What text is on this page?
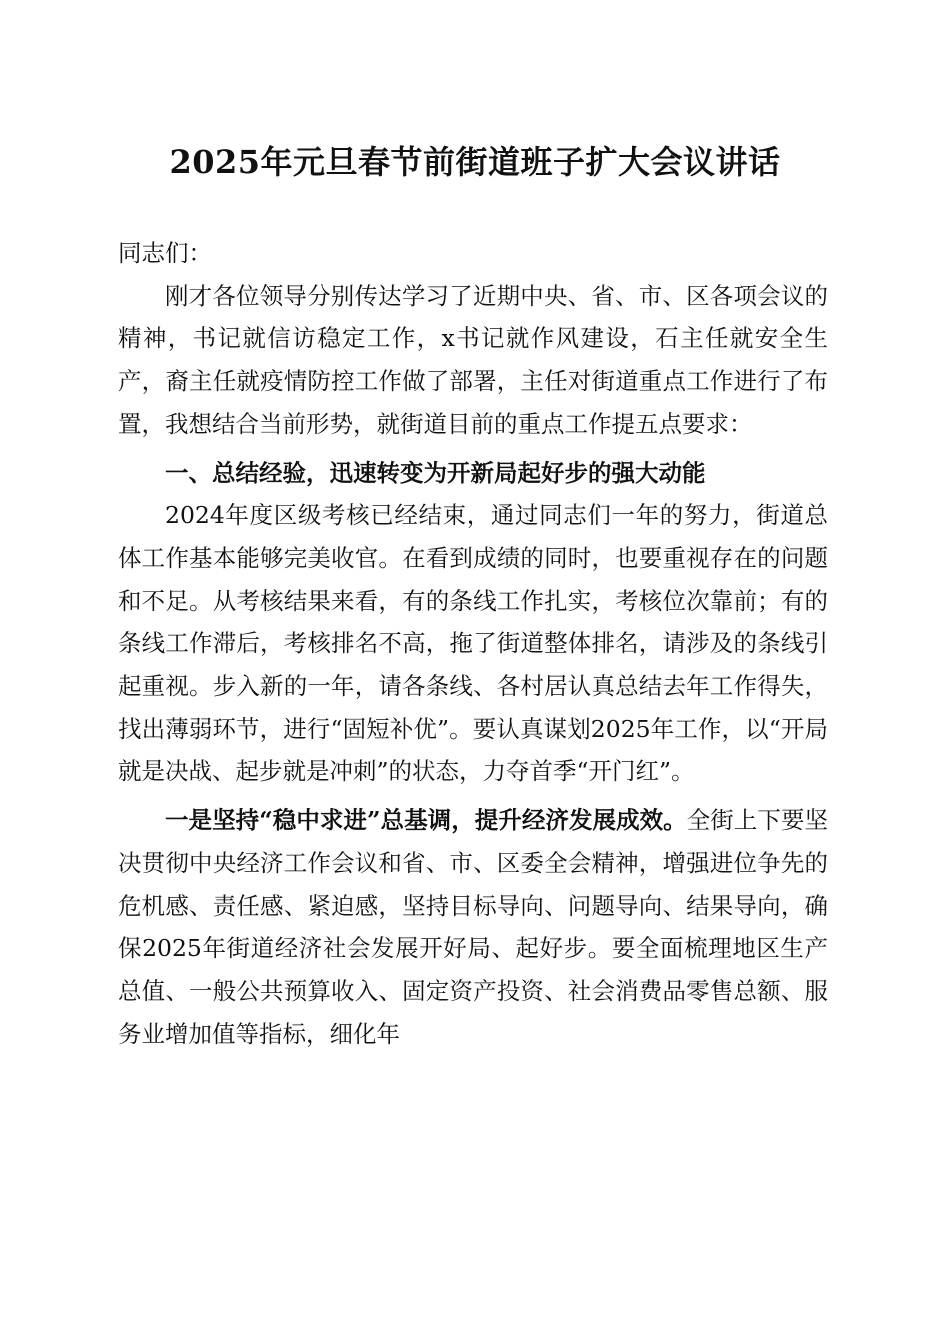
2025年元旦春节前街道班子扩大会议讲话

同志们：

刚才各位领导分别传达学习了近期中央、省、市、区各项会议的精神，书记就信访稳定工作，x书记就作风建设，石主任就安全生产，裔主任就疫情防控工作做了部署，主任对街道重点工作进行了布置，我想结合当前形势，就街道目前的重点工作提五点要求：

一、总结经验，迅速转变为开新局起好步的强大动能

2024年度区级考核已经结束，通过同志们一年的努力，街道总体工作基本能够完美收官。在看到成绩的同时，也要重视存在的问题和不足。从考核结果来看，有的条线工作扎实，考核位次靠前；有的条线工作滞后，考核排名不高，拖了街道整体排名，请涉及的条线引起重视。步入新的一年，请各条线、各村居认真总结去年工作得失，找出薄弱环节，进行“固短补优”。要认真谋划2025年工作，以“开局就是决战、起步就是冲刺”的状态，力夺首季“开门红”。

一是坚持“稳中求进”总基调，提升经济发展成效。全街上下要坚决贯彻中央经济工作会议和省、市、区委全会精神，增强进位争先的危机感、责任感、紧迫感，坚持目标导向、问题导向、结果导向，确保2025年街道经济社会发展开好局、起好步。要全面梳理地区生产总值、一般公共预算收入、固定资产投资、社会消费品零售总额、服务业增加值等指标，细化年
